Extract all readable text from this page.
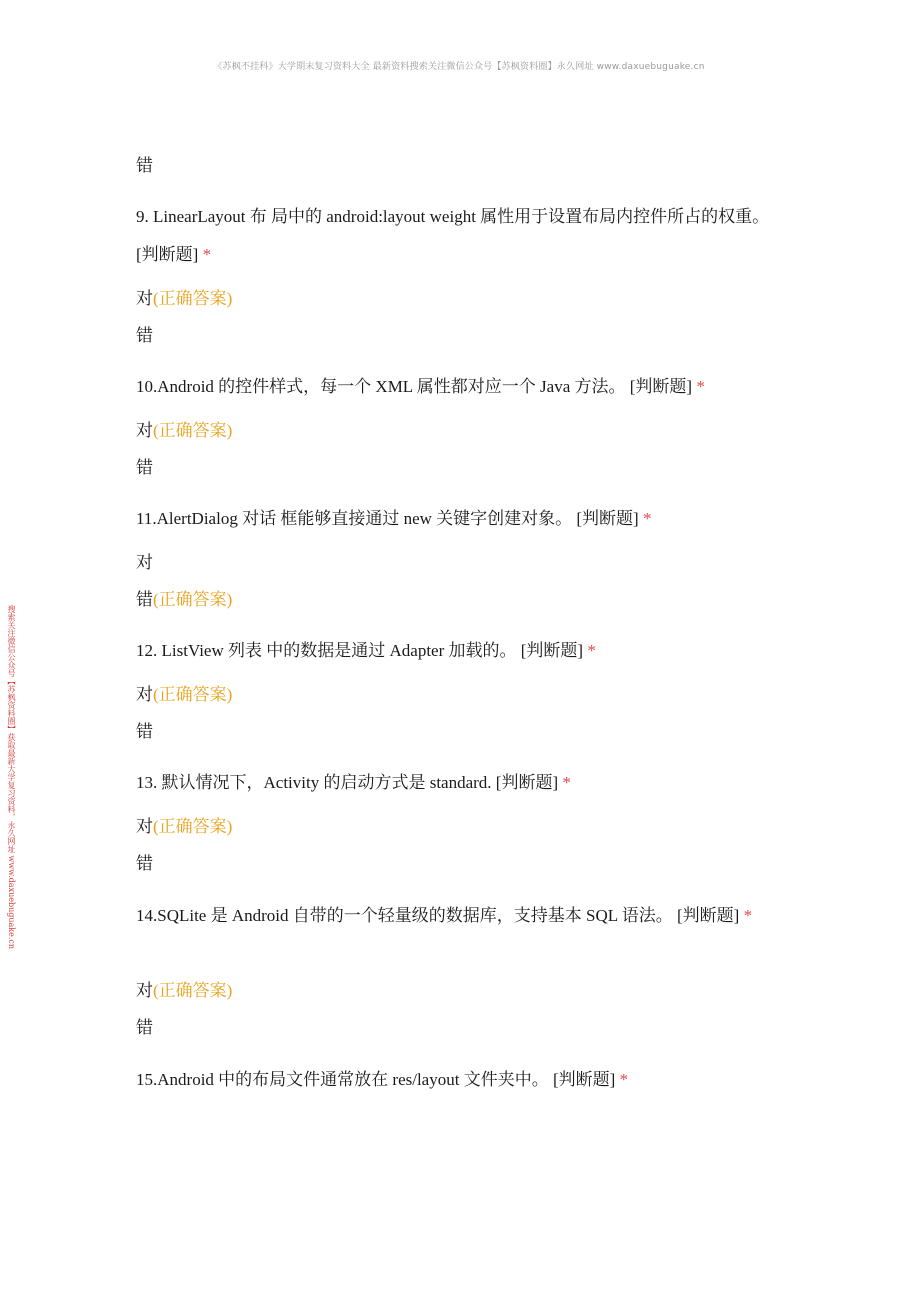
《苏枫不挂科》大学期末复习资料大全 最新资料搜索关注微信公众号【苏枫资料圈】永久网址 www.daxuebuguake.cn
搜索关注微信公众号【苏枫资料圈】获取最新大学复习资料，永久网址 www.daxuebuguake.cn
错
9. LinearLayout 布 局中的 android:layout weight 属性用于设置布局内控件所占的权重。 [判断题] *
对(正确答案)
错
10.Android 的控件样式，每一个 XML 属性都对应一个 Java 方法。 [判断题] *
对(正确答案)
错
11.AlertDialog 对话 框能够直接通过 new 关键字创建对象。 [判断题] *
对
错(正确答案)
12. ListView 列表 中的数据是通过 Adapter 加载的。 [判断题] *
对(正确答案)
错
13. 默认情况下，Activity 的启动方式是 standard. [判断题] *
对(正确答案)
错
14.SQLite 是 Android 自带的一个轻量级的数据库，支持基本 SQL 语法。 [判断题] *
对(正确答案)
错
15.Android 中的布局文件通常放在 res/layout 文件夹中。 [判断题] *
